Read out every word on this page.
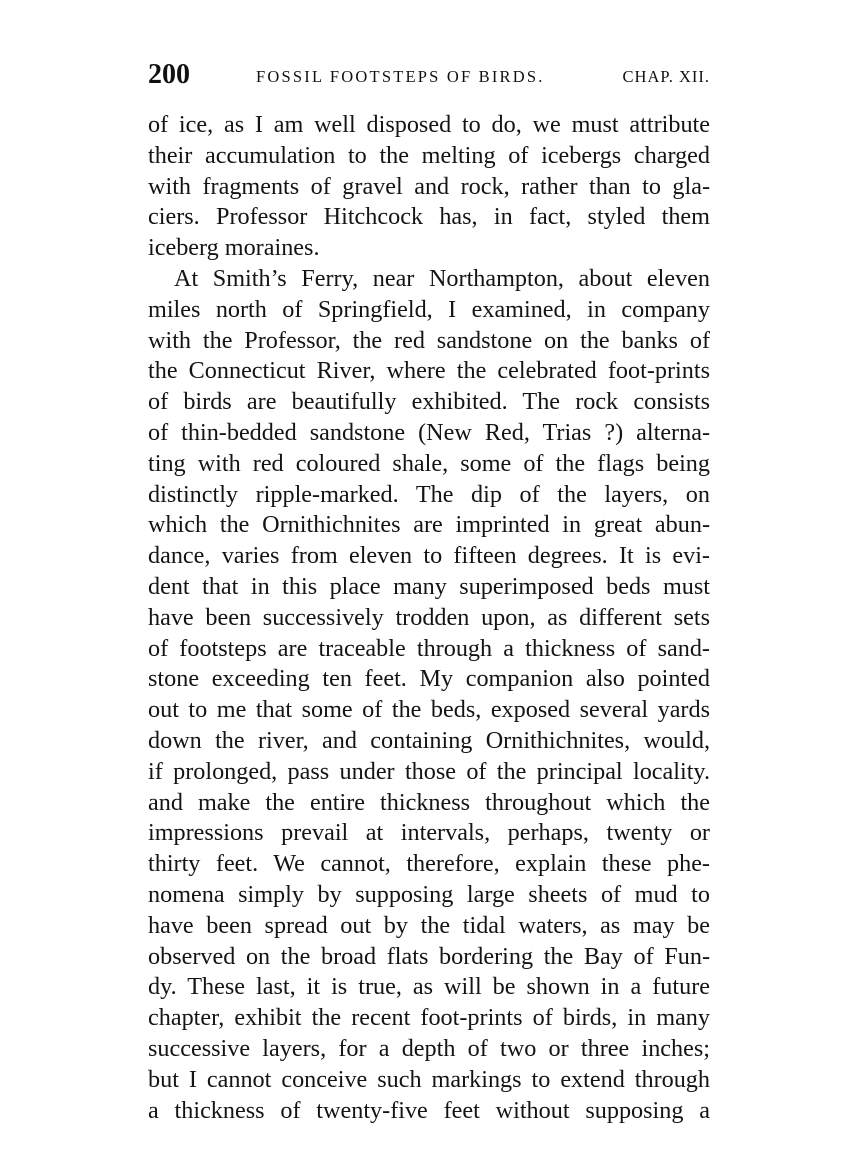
200	FOSSIL FOOTSTEPS OF BIRDS.	CHAP. XII.
of ice, as I am well disposed to do, we must attribute
their accumulation to the melting of icebergs charged
with fragments of gravel and rock, rather than to gla-
ciers. Professor Hitchcock has, in fact, styled them
iceberg moraines.
At Smith’s Ferry, near Northampton, about eleven
miles north of Springfield, I examined, in company
with the Professor, the red sandstone on the banks of
the Connecticut River, where the celebrated foot-prints
of birds are beautifully exhibited. The rock consists
of thin-bedded sandstone (New Red, Trias ?) alterna-
ting with red coloured shale, some of the flags being
distinctly ripple-marked. The dip of the layers, on
which the Ornithichnites are imprinted in great abun-
dance, varies from eleven to fifteen degrees. It is evi-
dent that in this place many superimposed beds must
have been successively trodden upon, as different sets
of footsteps are traceable through a thickness of sand-
stone exceeding ten feet. My companion also pointed
out to me that some of the beds, exposed several yards
down the river, and containing Ornithichnites, would,
if prolonged, pass under those of the principal locality.
and make the entire thickness throughout which the
impressions prevail at intervals, perhaps, twenty or
thirty feet. We cannot, therefore, explain these phe-
nomena simply by supposing large sheets of mud to
have been spread out by the tidal waters, as may be
observed on the broad flats bordering the Bay of Fun-
dy. These last, it is true, as will be shown in a future
chapter, exhibit the recent foot-prints of birds, in many
successive layers, for a depth of two or three inches;
but I cannot conceive such markings to extend through
a thickness of twenty-five feet without supposing a
